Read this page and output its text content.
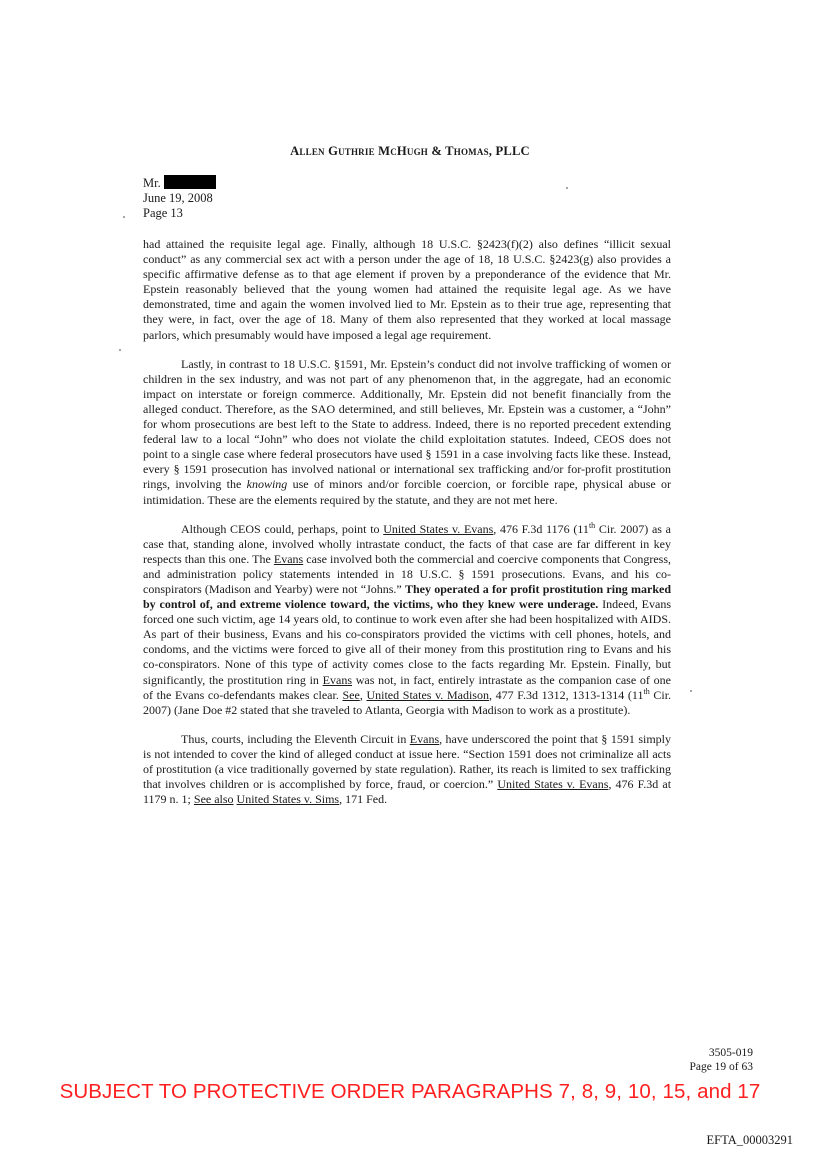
Allen Guthrie McHugh & Thomas, PLLC
Mr.
June 19, 2008
Page 13

had attained the requisite legal age. Finally, although 18 U.S.C. §2423(f)(2) also defines “illicit sexual conduct” as any commercial sex act with a person under the age of 18, 18 U.S.C. §2423(g) also provides a specific affirmative defense as to that age element if proven by a preponderance of the evidence that Mr. Epstein reasonably believed that the young women had attained the requisite legal age. As we have demonstrated, time and again the women involved lied to Mr. Epstein as to their true age, representing that they were, in fact, over the age of 18. Many of them also represented that they worked at local massage parlors, which presumably would have imposed a legal age requirement.

Lastly, in contrast to 18 U.S.C. §1591, Mr. Epstein’s conduct did not involve trafficking of women or children in the sex industry, and was not part of any phenomenon that, in the aggregate, had an economic impact on interstate or foreign commerce. Additionally, Mr. Epstein did not benefit financially from the alleged conduct. Therefore, as the SAO determined, and still believes, Mr. Epstein was a customer, a “John” for whom prosecutions are best left to the State to address. Indeed, there is no reported precedent extending federal law to a local “John” who does not violate the child exploitation statutes. Indeed, CEOS does not point to a single case where federal prosecutors have used § 1591 in a case involving facts like these. Instead, every § 1591 prosecution has involved national or international sex trafficking and/or for-profit prostitution rings, involving the knowing use of minors and/or forcible coercion, or forcible rape, physical abuse or intimidation. These are the elements required by the statute, and they are not met here.

Although CEOS could, perhaps, point to United States v. Evans, 476 F.3d 1176 (11th Cir. 2007) as a case that, standing alone, involved wholly intrastate conduct, the facts of that case are far different in key respects than this one. The Evans case involved both the commercial and coercive components that Congress, and administration policy statements intended in 18 U.S.C. § 1591 prosecutions. Evans, and his co-conspirators (Madison and Yearby) were not “Johns.” They operated a for profit prostitution ring marked by control of, and extreme violence toward, the victims, who they knew were underage. Indeed, Evans forced one such victim, age 14 years old, to continue to work even after she had been hospitalized with AIDS. As part of their business, Evans and his co-conspirators provided the victims with cell phones, hotels, and condoms, and the victims were forced to give all of their money from this prostitution ring to Evans and his co-conspirators. None of this type of activity comes close to the facts regarding Mr. Epstein. Finally, but significantly, the prostitution ring in Evans was not, in fact, entirely intrastate as the companion case of one of the Evans co-defendants makes clear. See, United States v. Madison, 477 F.3d 1312, 1313-1314 (11th Cir. 2007) (Jane Doe #2 stated that she traveled to Atlanta, Georgia with Madison to work as a prostitute).

Thus, courts, including the Eleventh Circuit in Evans, have underscored the point that § 1591 simply is not intended to cover the kind of alleged conduct at issue here. “Section 1591 does not criminalize all acts of prostitution (a vice traditionally governed by state regulation). Rather, its reach is limited to sex trafficking that involves children or is accomplished by force, fraud, or coercion.” United States v. Evans, 476 F.3d at 1179 n. 1; See also United States v. Sims, 171 Fed.

3505-019
Page 19 of 63
SUBJECT TO PROTECTIVE ORDER PARAGRAPHS 7, 8, 9, 10, 15, and 17
EFTA_00003291
